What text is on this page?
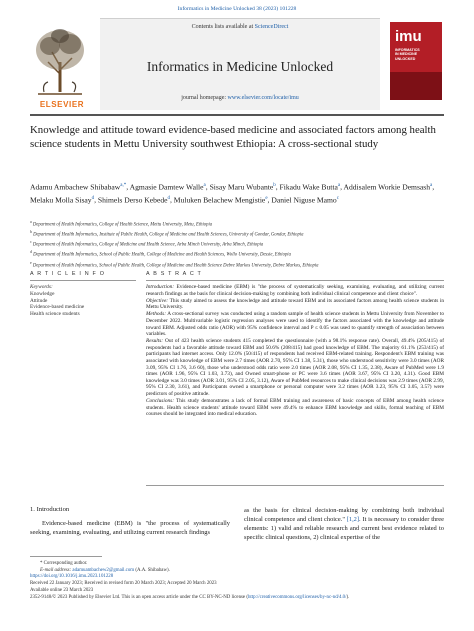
Informatics in Medicine Unlocked 38 (2023) 101228
ELSEVIER
Contents lists available at ScienceDirect
Informatics in Medicine Unlocked
journal homepage: www.elsevier.com/locate/imu
imu
INFORMATICS
IN MEDICINE
UNLOCKED
Knowledge and attitude toward evidence-based medicine and associated factors among health science students in Mettu University southwest Ethiopia: A cross-sectional study
Adamu Ambachew Shibabaw$^{a,*}$, Agmasie Damtew Walle$^a$, Sisay Maru Wubante$^b$, Fikadu Wake Butta$^a$, Addisalem Workie Demsash$^a$, Melaku Molla Sisay$^d$, Shimels Derso Kebede$^d$, Muluken Belachew Mengistie$^e$, Daniel Niguse Mamo$^c$
$^a$ Department of Health Informatics, College of Health Science, Mettu University, Metu, Ethiopia
$^b$ Department of Health Informatics, Institute of Public Health, College of Medicine and Health Sciences, University of Gondar, Gondar, Ethiopia
$^c$ Department of Health Informatics, College of Medicine and Health Science, Arba Minch University, Arba Minch, Ethiopia
$^d$ Department of Health Informatics, School of Public Health, College of Medicine and Health Sciences, Wollo University, Dessie, Ethiopia
$^e$ Department of Health Informatics, School of Public Health, College of Medicine and Health Science Debre Markos University, Debre Markos, Ethiopia
A R T I C L E I N F O	A B S T R A C T
Keywords:
Knowledge
Attitude
Evidence-based medicine
Health science students

Introduction: Evidence-based medicine (EBM) is "the process of systematically seeking, examining, evaluating, and utilizing current research findings as the basis for clinical decision-making by combining both individual clinical competence and client choice".

Objective: This study aimed to assess the knowledge and attitude toward EBM and its associated factors among health science students in Mettu University.

Methods: A cross-sectional survey was conducted using a random sample of health science students in Mettu University from November to December 2022. Multivariable logistic regression analyses were used to identify the factors associated with the knowledge and attitude toward EBM. Adjusted odds ratio (AOR) with 95% confidence interval and P ≤ 0.05 was used to quantify strength of association between variables.

Results: Out of 423 health science students 415 completed the questionnaire (with a 98.1% response rate). Overall, 49.4% (205/415) of respondents had a favorable attitude toward EBM and 50.6% (208/415) had good knowledge of EBM. The majority 61.1% (253/415) of participants had internet access. Only 12.0% (50/415) of respondents had received EBM-related training. Respondent's EBM training was associated with knowledge of EBM were 2.7 times (AOR 2.70, 95% CI 1.38, 5.31), those who understood sensitivity were 3.0 times (AOR 3.09, 95% CI 1.76, 3.6 60), those who understood odds ratio were 2.0 times (AOR 2.08, 95% CI 1.35, 2.38), Aware of PubMed were 1.9 times (AOR 1.96, 95% CI 1.03, 3.73), and Owned smart-phone or PC were 3.6 times (AOR 3.67, 95% CI 3.20, 4.31). Good EBM knowledge was 3.0 times (AOR 3.01, 95% CI 2.05, 3.12), Aware of PubMed resources to make clinical decisions was 2.9 times (AOR 2.99, 95% CI 2.30, 3.61), and Participants owned a smartphone or personal computer were 3.2 times (AOR 3.23, 95% CI 3.05, 3.57) were predictors of positive attitude.

Conclusions: This study demonstrates a lack of formal EBM training and awareness of basic concepts of EBM among health science students. Health science students' attitude toward EBM were 49.4% to enhance EBM knowledge and skills, formal teaching of EBM courses should be integrated into medical education.

1. Introduction
Evidence-based medicine (EBM) is "the process of systematically seeking, examining, evaluating, and utilizing current research findings
as the basis for clinical decision-making by combining both individual clinical competence and client choice." [1,2]. It is necessary to consider three elements: 1) valid and reliable research and current best evidence related to specific clinical questions, 2) clinical expertise of the
* Corresponding author.
E-mail address: adamuambachew2@gmail.com (A.A. Shibabaw).
https://doi.org/10.1016/j.imu.2023.101228
Received 22 January 2023; Received in revised form 20 March 2023; Accepted 20 March 2023
Available online 23 March 2023
2352-9148/© 2023 Published by Elsevier Ltd. This is an open access article under the CC BY-NC-ND license (http://creativecommons.org/licenses/by-nc-nd/4.0/).
